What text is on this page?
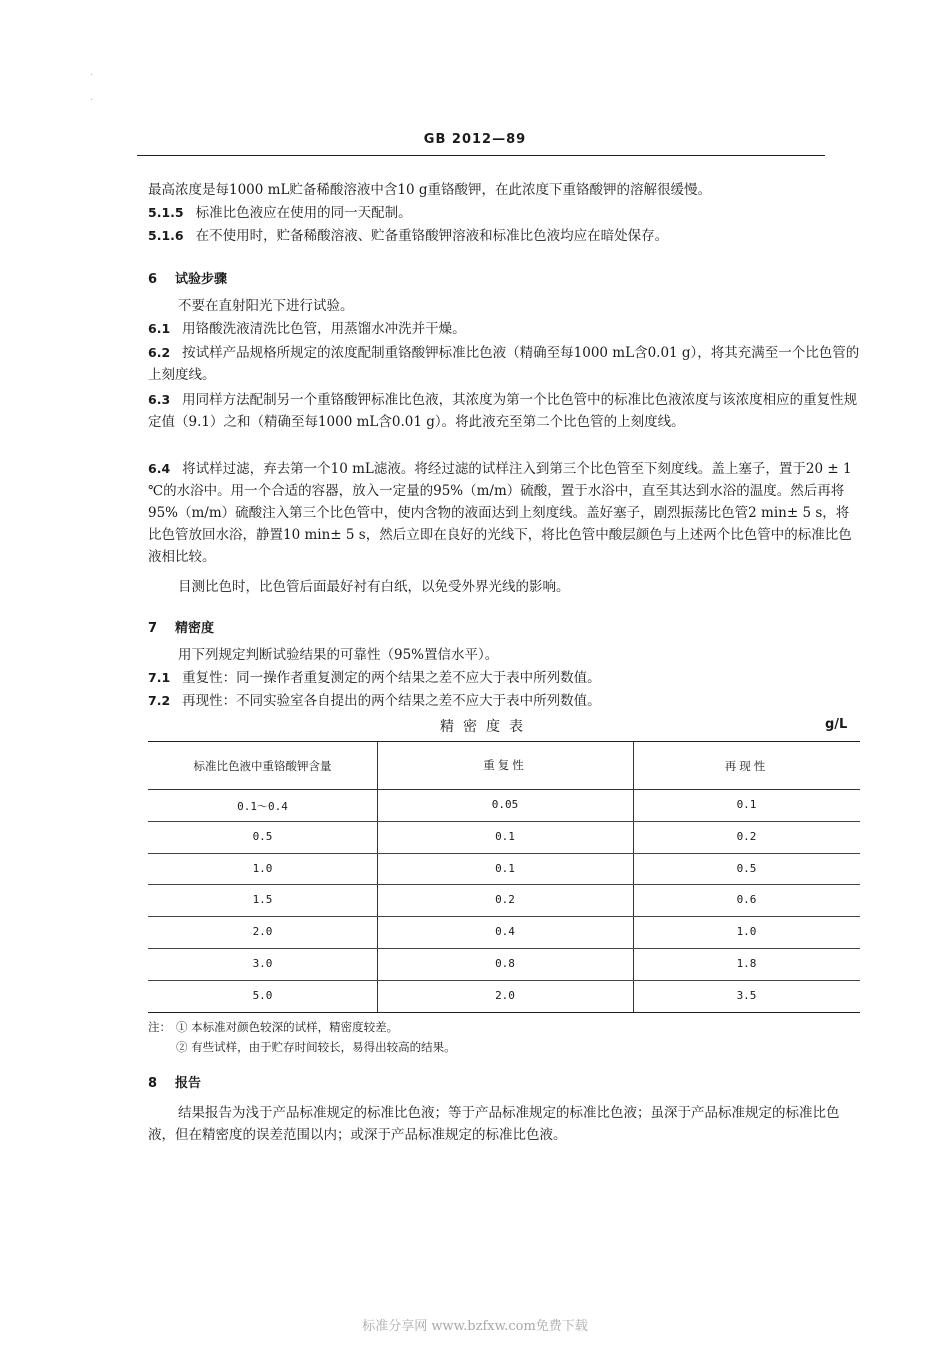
·
·
GB 2012—89

最高浓度是每1000 mL贮备稀酸溶液中含10 g重铬酸钾，在此浓度下重铬酸钾的溶解很缓慢。

5.1.5 标准比色液应在使用的同一天配制。

5.1.6 在不使用时，贮备稀酸溶液、贮备重铬酸钾溶液和标准比色液均应在暗处保存。

6 试验步骤

不要在直射阳光下进行试验。

6.1 用铬酸洗液清洗比色管，用蒸馏水冲洗并干燥。

6.2 按试样产品规格所规定的浓度配制重铬酸钾标准比色液（精确至每1000 mL含0.01 g），将其充满至一个比色管的上刻度线。

6.3 用同样方法配制另一个重铬酸钾标准比色液，其浓度为第一个比色管中的标准比色液浓度与该浓度相应的重复性规定值（9.1）之和（精确至每1000 mL含0.01 g）。将此液充至第二个比色管的上刻度线。

6.4 将试样过滤，弃去第一个10 mL滤液。将经过滤的试样注入到第三个比色管至下刻度线。盖上塞子，置于20 ± 1 ℃的水浴中。用一个合适的容器，放入一定量的95%（m/m）硫酸，置于水浴中，直至其达到水浴的温度。然后再将95%（m/m）硫酸注入第三个比色管中，使内含物的液面达到上刻度线。盖好塞子，剧烈振荡比色管2 min± 5 s，将比色管放回水浴，静置10 min± 5 s，然后立即在良好的光线下，将比色管中酸层颜色与上述两个比色管中的标准比色液相比较。

目测比色时，比色管后面最好衬有白纸，以免受外界光线的影响。

7 精密度

用下列规定判断试验结果的可靠性（95%置信水平）。

7.1 重复性：同一操作者重复测定的两个结果之差不应大于表中所列数值。

7.2 再现性：不同实验室各自提出的两个结果之差不应大于表中所列数值。

精密度表	g/L
标准比色液中重铬酸钾含量	重复性	再现性
0.1～0.4	0.05	0.1
0.5	0.1	0.2
1.0	0.1	0.5
1.5	0.2	0.6
2.0	0.4	1.0
3.0	0.8	1.8
5.0	2.0	3.5
注： ① 本标准对颜色较深的试样，精密度较差。
② 有些试样，由于贮存时间较长，易得出较高的结果。
8 报告

结果报告为浅于产品标准规定的标准比色液；等于产品标准规定的标准比色液；虽深于产品标准规定的标准比色液，但在精密度的误差范围以内；或深于产品标准规定的标准比色液。

标准分享网 www.bzfxw.com免费下载
